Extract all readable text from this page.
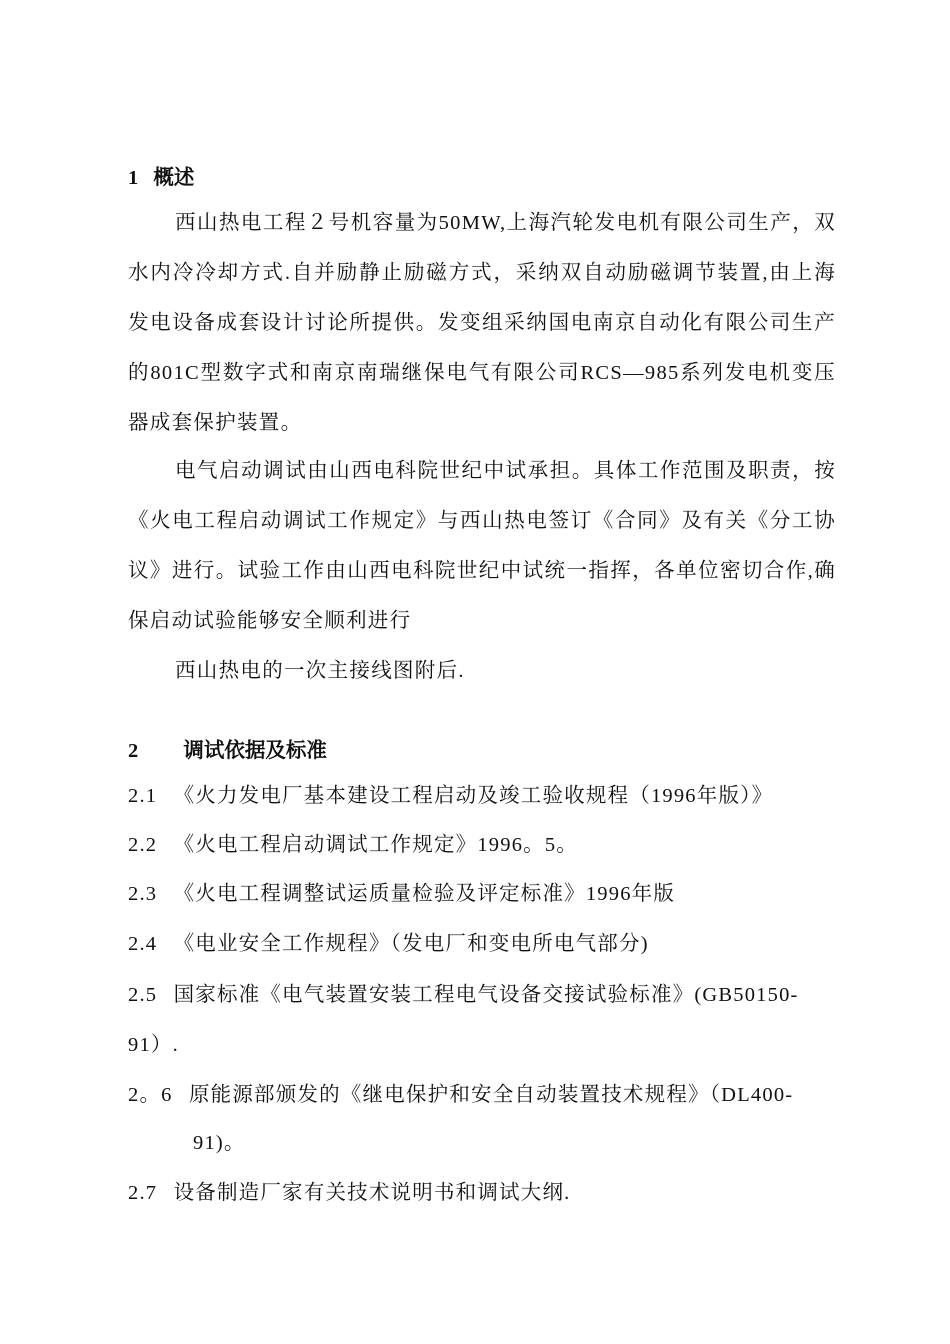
1 概述
西山热电工程２号机容量为50MW,上海汽轮发电机有限公司生产，双水内冷冷却方式.自并励静止励磁方式，采纳双自动励磁调节装置,由上海发电设备成套设计讨论所提供。发变组采纳国电南京自动化有限公司生产的801C型数字式和南京南瑞继保电气有限公司RCS—985系列发电机变压器成套保护装置。
电气启动调试由山西电科院世纪中试承担。具体工作范围及职责，按《火电工程启动调试工作规定》与西山热电签订《合同》及有关《分工协议》进行。试验工作由山西电科院世纪中试统一指挥，各单位密切合作,确保启动试验能够安全顺利进行
西山热电的一次主接线图附后.
2 调试依据及标准
2.1 《火力发电厂基本建设工程启动及竣工验收规程（1996年版）》
2.2 《火电工程启动调试工作规定》1996。5。
2.3 《火电工程调整试运质量检验及评定标准》1996年版
2.4 《电业安全工作规程》（发电厂和变电所电气部分)
2.5 国家标准《电气装置安装工程电气设备交接试验标准》(GB50150-
91）.
2。6 原能源部颁发的《继电保护和安全自动装置技术规程》（DL400-
91)。
2.7 设备制造厂家有关技术说明书和调试大纲.
